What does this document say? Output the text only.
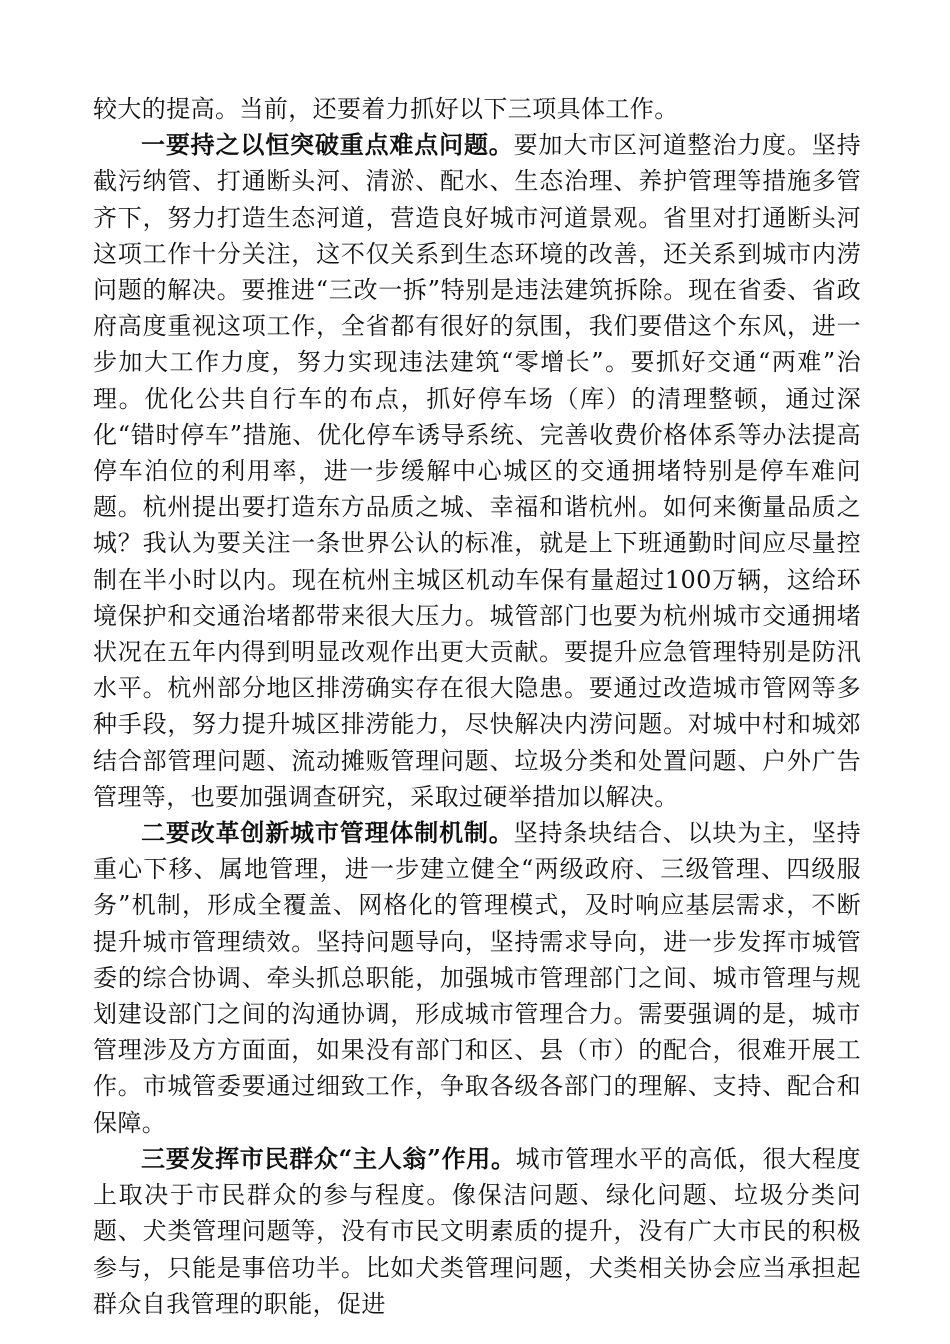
较大的提高。当前，还要着力抓好以下三项具体工作。

一要持之以恒突破重点难点问题。要加大市区河道整治力度。坚持截污纳管、打通断头河、清淤、配水、生态治理、养护管理等措施多管齐下，努力打造生态河道，营造良好城市河道景观。省里对打通断头河这项工作十分关注，这不仅关系到生态环境的改善，还关系到城市内涝问题的解决。要推进“三改一拆”特别是违法建筑拆除。现在省委、省政府高度重视这项工作，全省都有很好的氛围，我们要借这个东风，进一步加大工作力度，努力实现违法建筑“零增长”。要抓好交通“两难”治理。优化公共自行车的布点，抓好停车场（库）的清理整顿，通过深化“错时停车”措施、优化停车诱导系统、完善收费价格体系等办法提高停车泊位的利用率，进一步缓解中心城区的交通拥堵特别是停车难问题。杭州提出要打造东方品质之城、幸福和谐杭州。如何来衡量品质之城？我认为要关注一条世界公认的标准，就是上下班通勤时间应尽量控制在半小时以内。现在杭州主城区机动车保有量超过100万辆，这给环境保护和交通治堵都带来很大压力。城管部门也要为杭州城市交通拥堵状况在五年内得到明显改观作出更大贡献。要提升应急管理特别是防汛水平。杭州部分地区排涝确实存在很大隐患。要通过改造城市管网等多种手段，努力提升城区排涝能力，尽快解决内涝问题。对城中村和城郊结合部管理问题、流动摊贩管理问题、垃圾分类和处置问题、户外广告管理等，也要加强调查研究，采取过硬举措加以解决。

二要改革创新城市管理体制机制。坚持条块结合、以块为主，坚持重心下移、属地管理，进一步建立健全“两级政府、三级管理、四级服务”机制，形成全覆盖、网格化的管理模式，及时响应基层需求，不断提升城市管理绩效。坚持问题导向，坚持需求导向，进一步发挥市城管委的综合协调、牵头抓总职能，加强城市管理部门之间、城市管理与规划建设部门之间的沟通协调，形成城市管理合力。需要强调的是，城市管理涉及方方面面，如果没有部门和区、县（市）的配合，很难开展工作。市城管委要通过细致工作，争取各级各部门的理解、支持、配合和保障。

三要发挥市民群众“主人翁”作用。城市管理水平的高低，很大程度上取决于市民群众的参与程度。像保洁问题、绿化问题、垃圾分类问题、犬类管理问题等，没有市民文明素质的提升，没有广大市民的积极参与，只能是事倍功半。比如犬类管理问题，犬类相关协会应当承担起群众自我管理的职能，促进
